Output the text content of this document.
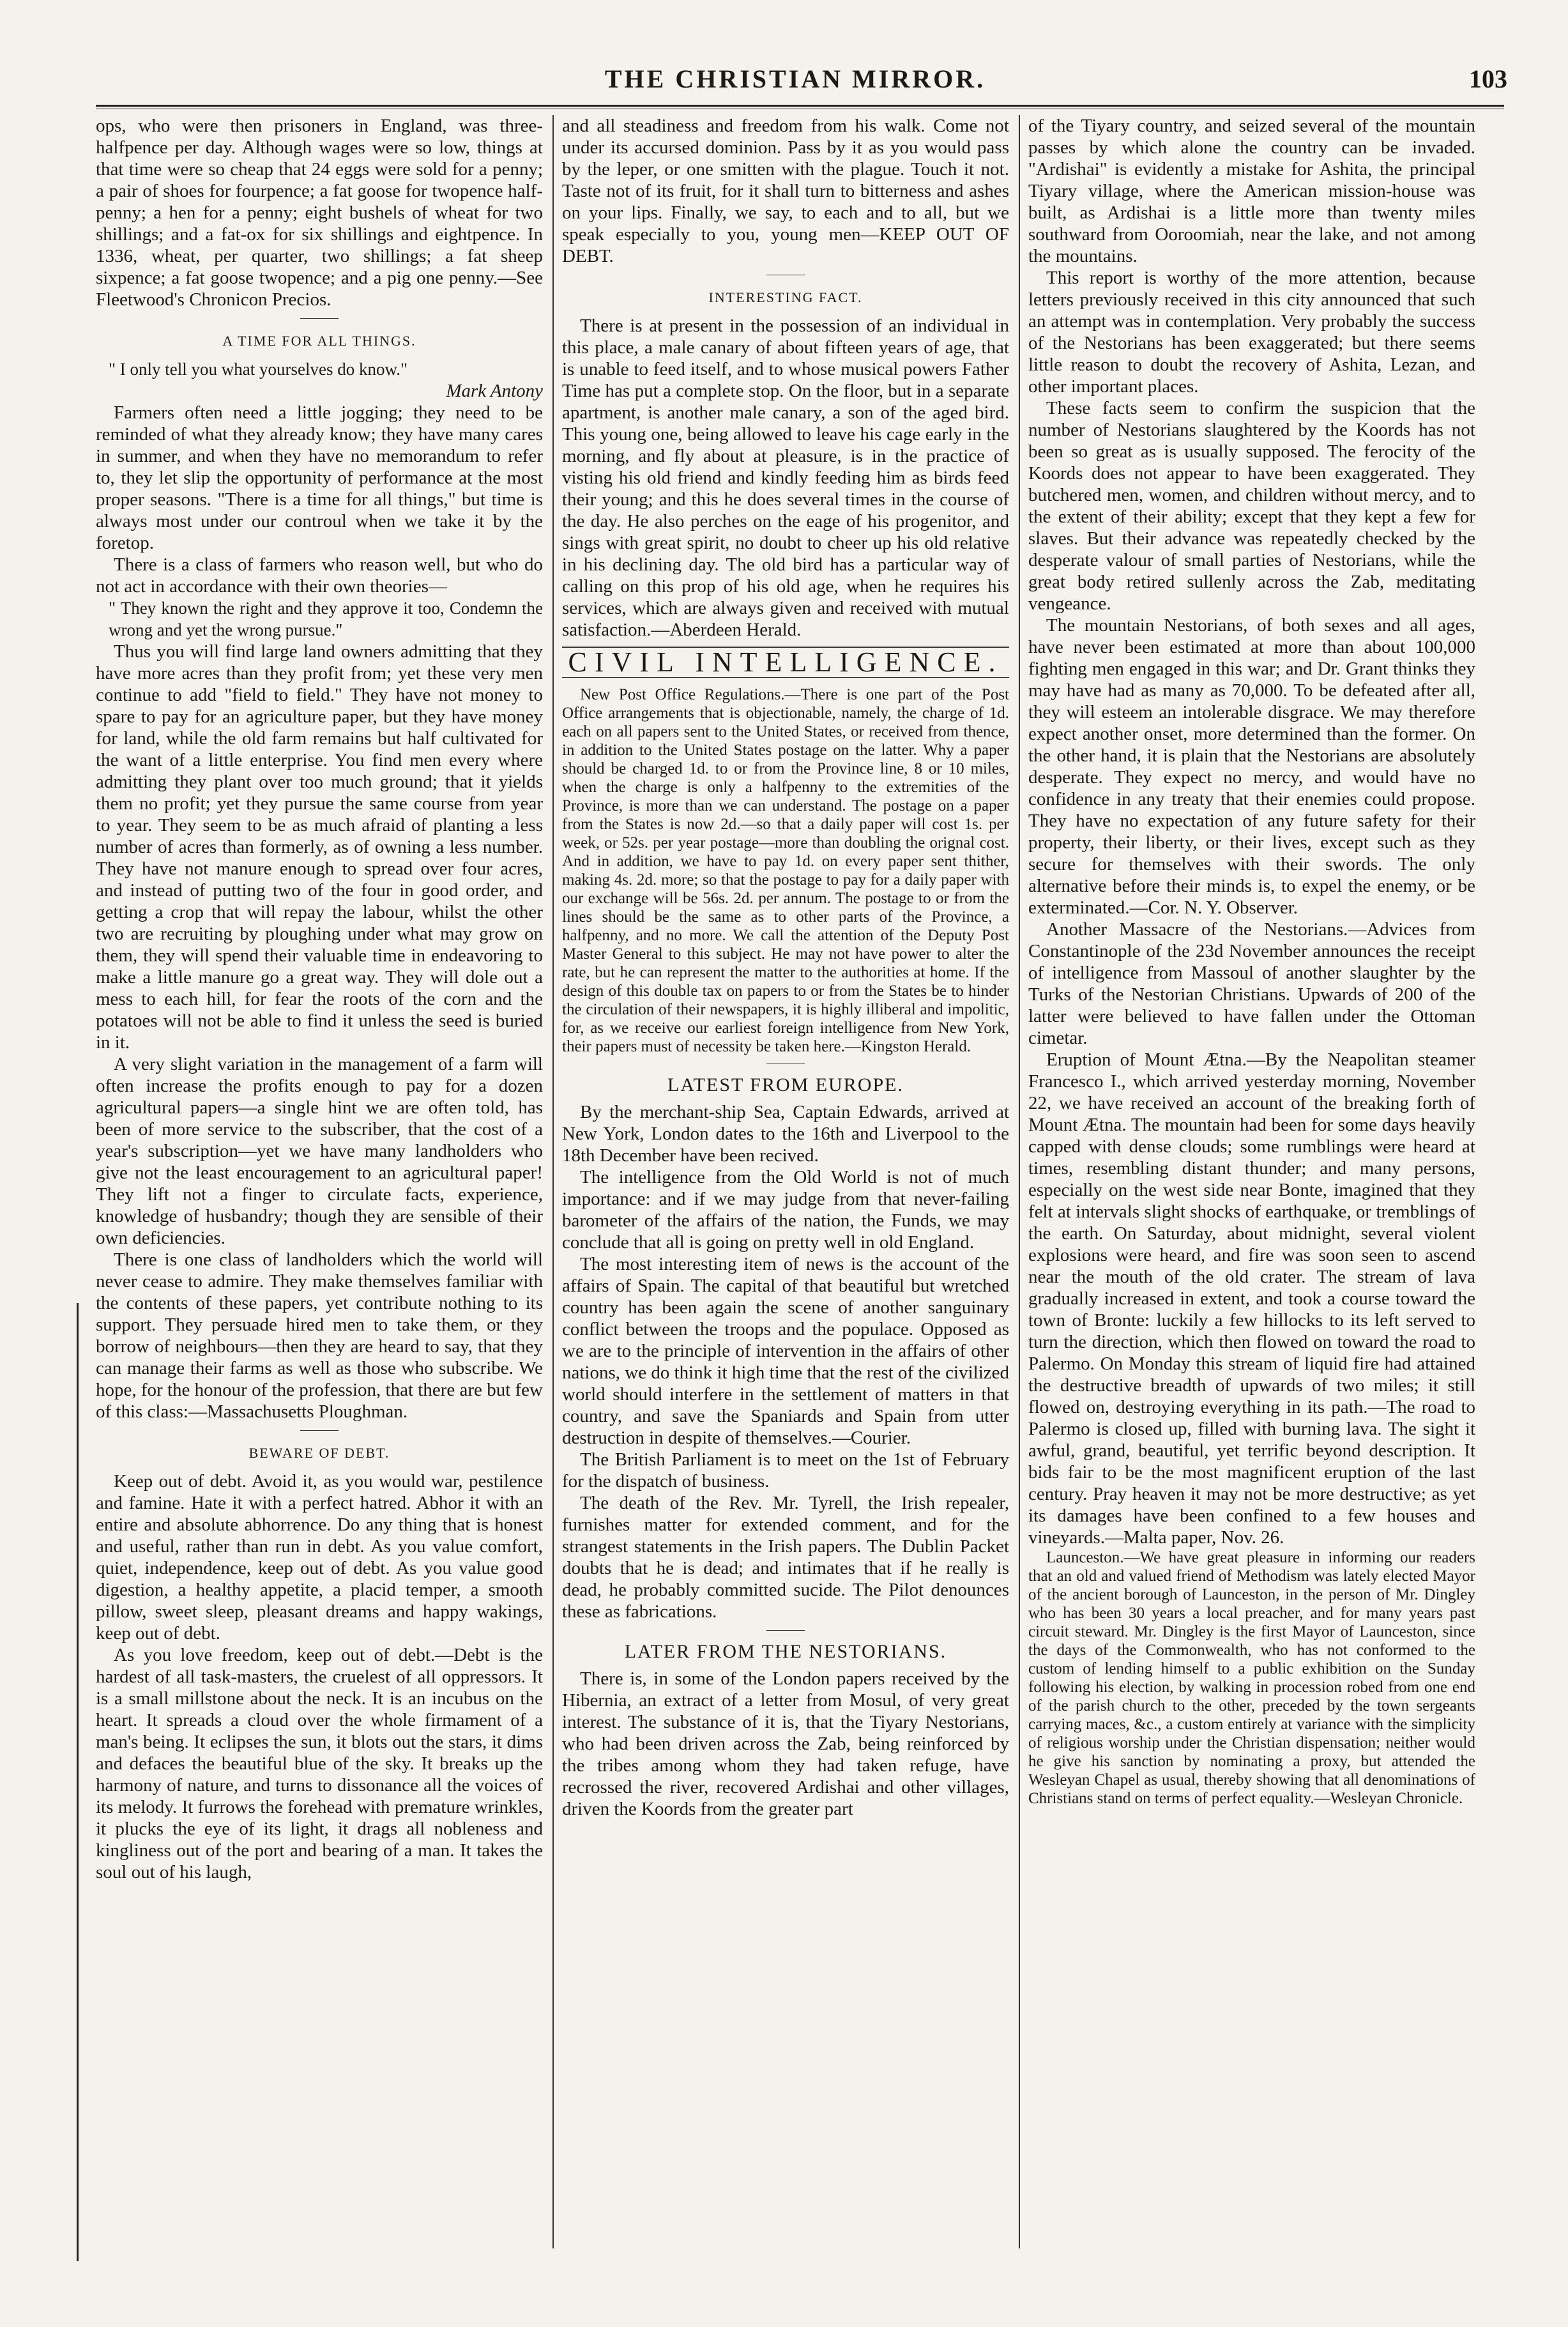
THE CHRISTIAN MIRROR.	103

ops, who were then prisoners in England, was three-halfpence per day. Although wages were so low, things at that time were so cheap that 24 eggs were sold for a penny; a pair of shoes for fourpence; a fat goose for twopence half-penny; a hen for a penny; eight bushels of wheat for two shillings; and a fat-ox for six shillings and eightpence. In 1336, wheat, per quarter, two shillings; a fat sheep sixpence; a fat goose twopence; and a pig one penny.—See Fleetwood's Chronicon Precios.

A TIME FOR ALL THINGS.

" I only tell you what yourselves do know."

Mark Antony

Farmers often need a little jogging; they need to be reminded of what they already know; they have many cares in summer, and when they have no memorandum to refer to, they let slip the opportunity of performance at the most proper seasons. "There is a time for all things," but time is always most under our controul when we take it by the foretop.

There is a class of farmers who reason well, but who do not act in accordance with their own theories—

" They known the right and they approve it too, Condemn the wrong and yet the wrong pursue."

Thus you will find large land owners admitting that they have more acres than they profit from; yet these very men continue to add "field to field." They have not money to spare to pay for an agriculture paper, but they have money for land, while the old farm remains but half cultivated for the want of a little enterprise. You find men every where admitting they plant over too much ground; that it yields them no profit; yet they pursue the same course from year to year. They seem to be as much afraid of planting a less number of acres than formerly, as of owning a less number. They have not manure enough to spread over four acres, and instead of putting two of the four in good order, and getting a crop that will repay the labour, whilst the other two are recruiting by ploughing under what may grow on them, they will spend their valuable time in endeavoring to make a little manure go a great way. They will dole out a mess to each hill, for fear the roots of the corn and the potatoes will not be able to find it unless the seed is buried in it.

A very slight variation in the management of a farm will often increase the profits enough to pay for a dozen agricultural papers—a single hint we are often told, has been of more service to the subscriber, that the cost of a year's subscription—yet we have many landholders who give not the least encouragement to an agricultural paper! They lift not a finger to circulate facts, experience, knowledge of husbandry; though they are sensible of their own deficiencies.

There is one class of landholders which the world will never cease to admire. They make themselves familiar with the contents of these papers, yet contribute nothing to its support. They persuade hired men to take them, or they borrow of neighbours—then they are heard to say, that they can manage their farms as well as those who subscribe. We hope, for the honour of the profession, that there are but few of this class:—Massachusetts Ploughman.

BEWARE OF DEBT.

Keep out of debt. Avoid it, as you would war, pestilence and famine. Hate it with a perfect hatred. Abhor it with an entire and absolute abhorrence. Do any thing that is honest and useful, rather than run in debt. As you value comfort, quiet, independence, keep out of debt. As you value good digestion, a healthy appetite, a placid temper, a smooth pillow, sweet sleep, pleasant dreams and happy wakings, keep out of debt.

As you love freedom, keep out of debt.—Debt is the hardest of all task-masters, the cruelest of all oppressors. It is a small millstone about the neck. It is an incubus on the heart. It spreads a cloud over the whole firmament of a man's being. It eclipses the sun, it blots out the stars, it dims and defaces the beautiful blue of the sky. It breaks up the harmony of nature, and turns to dissonance all the voices of its melody. It furrows the forehead with premature wrinkles, it plucks the eye of its light, it drags all nobleness and kingliness out of the port and bearing of a man. It takes the soul out of his laugh,

and all steadiness and freedom from his walk. Come not under its accursed dominion. Pass by it as you would pass by the leper, or one smitten with the plague. Touch it not. Taste not of its fruit, for it shall turn to bitterness and ashes on your lips. Finally, we say, to each and to all, but we speak especially to you, young men—KEEP OUT OF DEBT.

INTERESTING FACT.

There is at present in the possession of an individual in this place, a male canary of about fifteen years of age, that is unable to feed itself, and to whose musical powers Father Time has put a complete stop. On the floor, but in a separate apartment, is another male canary, a son of the aged bird. This young one, being allowed to leave his cage early in the morning, and fly about at pleasure, is in the practice of visting his old friend and kindly feeding him as birds feed their young; and this he does several times in the course of the day. He also perches on the eage of his progenitor, and sings with great spirit, no doubt to cheer up his old relative in his declining day. The old bird has a particular way of calling on this prop of his old age, when he requires his services, which are always given and received with mutual satisfaction.—Aberdeen Herald.

CIVIL INTELLIGENCE.

New Post Office Regulations.—There is one part of the Post Office arrangements that is objectionable, namely, the charge of 1d. each on all papers sent to the United States, or received from thence, in addition to the United States postage on the latter. Why a paper should be charged 1d. to or from the Province line, 8 or 10 miles, when the charge is only a halfpenny to the extremities of the Province, is more than we can understand. The postage on a paper from the States is now 2d.—so that a daily paper will cost 1s. per week, or 52s. per year postage—more than doubling the orignal cost. And in addition, we have to pay 1d. on every paper sent thither, making 4s. 2d. more; so that the postage to pay for a daily paper with our exchange will be 56s. 2d. per annum. The postage to or from the lines should be the same as to other parts of the Province, a halfpenny, and no more. We call the attention of the Deputy Post Master General to this subject. He may not have power to alter the rate, but he can represent the matter to the authorities at home. If the design of this double tax on papers to or from the States be to hinder the circulation of their newspapers, it is highly illiberal and impolitic, for, as we receive our earliest foreign intelligence from New York, their papers must of necessity be taken here.—Kingston Herald.

LATEST FROM EUROPE.

By the merchant-ship Sea, Captain Edwards, arrived at New York, London dates to the 16th and Liverpool to the 18th December have been recived.

The intelligence from the Old World is not of much importance: and if we may judge from that never-failing barometer of the affairs of the nation, the Funds, we may conclude that all is going on pretty well in old England.

The most interesting item of news is the account of the affairs of Spain. The capital of that beautiful but wretched country has been again the scene of another sanguinary conflict between the troops and the populace. Opposed as we are to the principle of intervention in the affairs of other nations, we do think it high time that the rest of the civilized world should interfere in the settlement of matters in that country, and save the Spaniards and Spain from utter destruction in despite of themselves.—Courier.

The British Parliament is to meet on the 1st of February for the dispatch of business.

The death of the Rev. Mr. Tyrell, the Irish repealer, furnishes matter for extended comment, and for the strangest statements in the Irish papers. The Dublin Packet doubts that he is dead; and intimates that if he really is dead, he probably committed sucide. The Pilot denounces these as fabrications.

LATER FROM THE NESTORIANS.

There is, in some of the London papers received by the Hibernia, an extract of a letter from Mosul, of very great interest. The substance of it is, that the Tiyary Nestorians, who had been driven across the Zab, being reinforced by the tribes among whom they had taken refuge, have recrossed the river, recovered Ardishai and other villages, driven the Koords from the greater part

of the Tiyary country, and seized several of the mountain passes by which alone the country can be invaded. "Ardishai" is evidently a mistake for Ashita, the principal Tiyary village, where the American mission-house was built, as Ardishai is a little more than twenty miles southward from Ooroomiah, near the lake, and not among the mountains.

This report is worthy of the more attention, because letters previously received in this city announced that such an attempt was in contemplation. Very probably the success of the Nestorians has been exaggerated; but there seems little reason to doubt the recovery of Ashita, Lezan, and other important places.

These facts seem to confirm the suspicion that the number of Nestorians slaughtered by the Koords has not been so great as is usually supposed. The ferocity of the Koords does not appear to have been exaggerated. They butchered men, women, and children without mercy, and to the extent of their ability; except that they kept a few for slaves. But their advance was repeatedly checked by the desperate valour of small parties of Nestorians, while the great body retired sullenly across the Zab, meditating vengeance.

The mountain Nestorians, of both sexes and all ages, have never been estimated at more than about 100,000 fighting men engaged in this war; and Dr. Grant thinks they may have had as many as 70,000. To be defeated after all, they will esteem an intolerable disgrace. We may therefore expect another onset, more determined than the former. On the other hand, it is plain that the Nestorians are absolutely desperate. They expect no mercy, and would have no confidence in any treaty that their enemies could propose. They have no expectation of any future safety for their property, their liberty, or their lives, except such as they secure for themselves with their swords. The only alternative before their minds is, to expel the enemy, or be exterminated.—Cor. N. Y. Observer.

Another Massacre of the Nestorians.—Advices from Constantinople of the 23d November announces the receipt of intelligence from Massoul of another slaughter by the Turks of the Nestorian Christians. Upwards of 200 of the latter were believed to have fallen under the Ottoman cimetar.

Eruption of Mount Ætna.—By the Neapolitan steamer Francesco I., which arrived yesterday morning, November 22, we have received an account of the breaking forth of Mount Ætna. The mountain had been for some days heavily capped with dense clouds; some rumblings were heard at times, resembling distant thunder; and many persons, especially on the west side near Bonte, imagined that they felt at intervals slight shocks of earthquake, or tremblings of the earth. On Saturday, about midnight, several violent explosions were heard, and fire was soon seen to ascend near the mouth of the old crater. The stream of lava gradually increased in extent, and took a course toward the town of Bronte: luckily a few hillocks to its left served to turn the direction, which then flowed on toward the road to Palermo. On Monday this stream of liquid fire had attained the destructive breadth of upwards of two miles; it still flowed on, destroying everything in its path.—The road to Palermo is closed up, filled with burning lava. The sight it awful, grand, beautiful, yet terrific beyond description. It bids fair to be the most magnificent eruption of the last century. Pray heaven it may not be more destructive; as yet its damages have been confined to a few houses and vineyards.—Malta paper, Nov. 26.

Launceston.—We have great pleasure in informing our readers that an old and valued friend of Methodism was lately elected Mayor of the ancient borough of Launceston, in the person of Mr. Dingley who has been 30 years a local preacher, and for many years past circuit steward. Mr. Dingley is the first Mayor of Launceston, since the days of the Commonwealth, who has not conformed to the custom of lending himself to a public exhibition on the Sunday following his election, by walking in procession robed from one end of the parish church to the other, preceded by the town sergeants carrying maces, &c., a custom entirely at variance with the simplicity of religious worship under the Christian dispensation; neither would he give his sanction by nominating a proxy, but attended the Wesleyan Chapel as usual, thereby showing that all denominations of Christians stand on terms of perfect equality.—Wesleyan Chronicle.
